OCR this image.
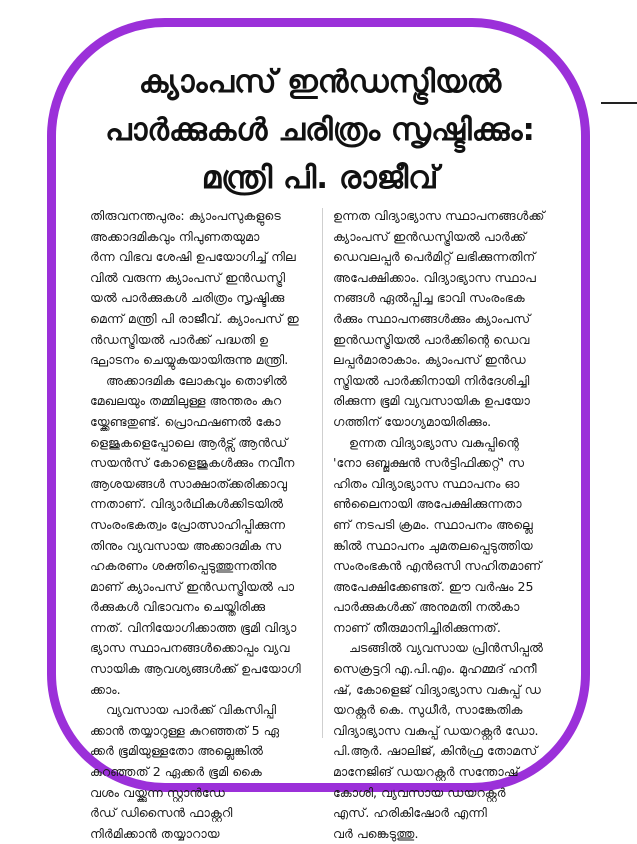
ക്യാംപസ് ഇൻഡസ്ട്രിയൽ
പാർക്കുകൾ ചരിത്രം സൃഷ്ടിക്കും:
മന്ത്രി പി. രാജീവ്
തിരുവനന്തപുരം: ക്യാംപസുകളുടെ
അക്കാദമികവും നിപുണതയുമാ
ർന്ന വിഭവ ശേഷി ഉപയോഗിച്ച് നില
വിൽ വരുന്ന ക്യാംപസ് ഇൻഡസ്ട്രി
യൽ പാർക്കുകൾ ചരിത്രം സൃഷ്ടിക്കു
മെന്ന് മന്ത്രി പി രാജീവ്. ക്യാംപസ് ഇ
ൻഡസ്ട്രിയൽ പാർക്ക് പദ്ധതി ഉ
ദ്ഘാടനം ചെയ്യുകയായിരുന്നു മന്ത്രി.
അക്കാദമിക ലോകവും തൊഴിൽ
മേഖലയും തമ്മിലുള്ള അന്തരം കുറ
യ്ക്കേണ്ടതുണ്ട്. പ്രൊഫഷണൽ കോ
ളെജുകളെപ്പോലെ ആർട്സ് ആൻഡ്
സയൻസ് കോളെജുകൾക്കും നവീന
ആശയങ്ങൾ സാക്ഷാത്ക്കരിക്കാവു
ന്നതാണ്. വിദ്യാർഥികൾക്കിടയിൽ
സംരംഭകത്വം പ്രോത്സാഹിപ്പിക്കുന്ന
തിനും വ്യവസായ അക്കാദമിക സ
ഹകരണം ശക്തിപ്പെടുത്തുന്നതിനു
മാണ് ക്യാംപസ് ഇൻഡസ്ട്രിയൽ പാ
ർക്കുകൾ വിഭാവനം ചെയ്തിരിക്കു
ന്നത്. വിനിയോഗിക്കാത്ത ഭൂമി വിദ്യാ
ഭ്യാസ സ്ഥാപനങ്ങൾക്കൊപ്പം വ്യവ
സായിക ആവശ്യങ്ങൾക്ക് ഉപയോഗി
ക്കാം.
വ്യവസായ പാർക്ക് വികസിപ്പി
ക്കാൻ തയ്യാറുള്ള കുറഞ്ഞത് 5 ഏ
ക്കർ ഭൂമിയുള്ളതോ അല്ലെങ്കിൽ
കുറഞ്ഞത് 2 ഏക്കർ ഭൂമി കൈ
വശം വയ്ക്കുന്ന സ്റ്റാൻഡേ
ർഡ് ഡിസൈൻ ഫാക്റ്ററി
നിർമിക്കാൻ തയ്യാറായ
ഉന്നത വിദ്യാഭ്യാസ സ്ഥാപനങ്ങൾക്ക്
ക്യാംപസ് ഇൻഡസ്ട്രിയൽ പാർക്ക്
ഡെവലപ്പർ പെർമിറ്റ് ലഭിക്കുന്നതിന്
അപേക്ഷിക്കാം. വിദ്യാഭ്യാസ സ്ഥാപ
നങ്ങൾ ഏൽപ്പിച്ച ഭാവി സംരംഭക
ർക്കും സ്ഥാപനങ്ങൾക്കും ക്യാംപസ്
ഇൻഡസ്ട്രിയൽ പാർക്കിന്റെ ഡെവ
ലപ്പർമാരാകാം. ക്യാംപസ് ഇൻഡ
സ്ട്രിയൽ പാർക്കിനായി നിർദേശിച്ചി
രിക്കുന്ന ഭൂമി വ്യവസായിക ഉപയോ
ഗത്തിന് യോഗ്യമായിരിക്കും.
ഉന്നത വിദ്യാഭ്യാസ വകുപ്പിന്റെ
'നോ ഒബ്ജക്ഷൻ സർട്ടിഫിക്കറ്റ്' സ
ഹിതം വിദ്യാഭ്യാസ സ്ഥാപനം ഓ
ൺലൈനായി അപേക്ഷിക്കുന്നതാ
ണ് നടപടി ക്രമം. സ്ഥാപനം അല്ലെ
ങ്കിൽ സ്ഥാപനം ചുമതലപ്പെടുത്തിയ
സംരംഭകൻ എൻഒസി സഹിതമാണ്
അപേക്ഷിക്കേണ്ടത്. ഈ വർഷം 25
പാർക്കുകൾക്ക് അനുമതി നൽകാ
നാണ് തീരുമാനിച്ചിരിക്കുന്നത്.
ചടങ്ങിൽ വ്യവസായ പ്രിൻസിപ്പൽ
സെക്രട്ടറി എ.പി.എം. മുഹമ്മദ് ഹനീ
ഷ്, കോളെജ് വിദ്യാഭ്യാസ വകുപ്പ് ഡ
യറക്റ്റർ കെ. സുധീർ, സാങ്കേതിക
വിദ്യാഭ്യാസ വകുപ്പ് ഡയറക്റ്റർ ഡോ.
പി.ആർ. ഷാലിജ്, കിൻഫ്ര തോമസ്
മാനേജിങ് ഡയറക്റ്റർ സന്തോഷ്
കോശി, വ്യവസായ ഡയറക്റ്റർ
എസ്. ഹരികിഷോർ എന്നി
വർ പങ്കെടുത്തു.
